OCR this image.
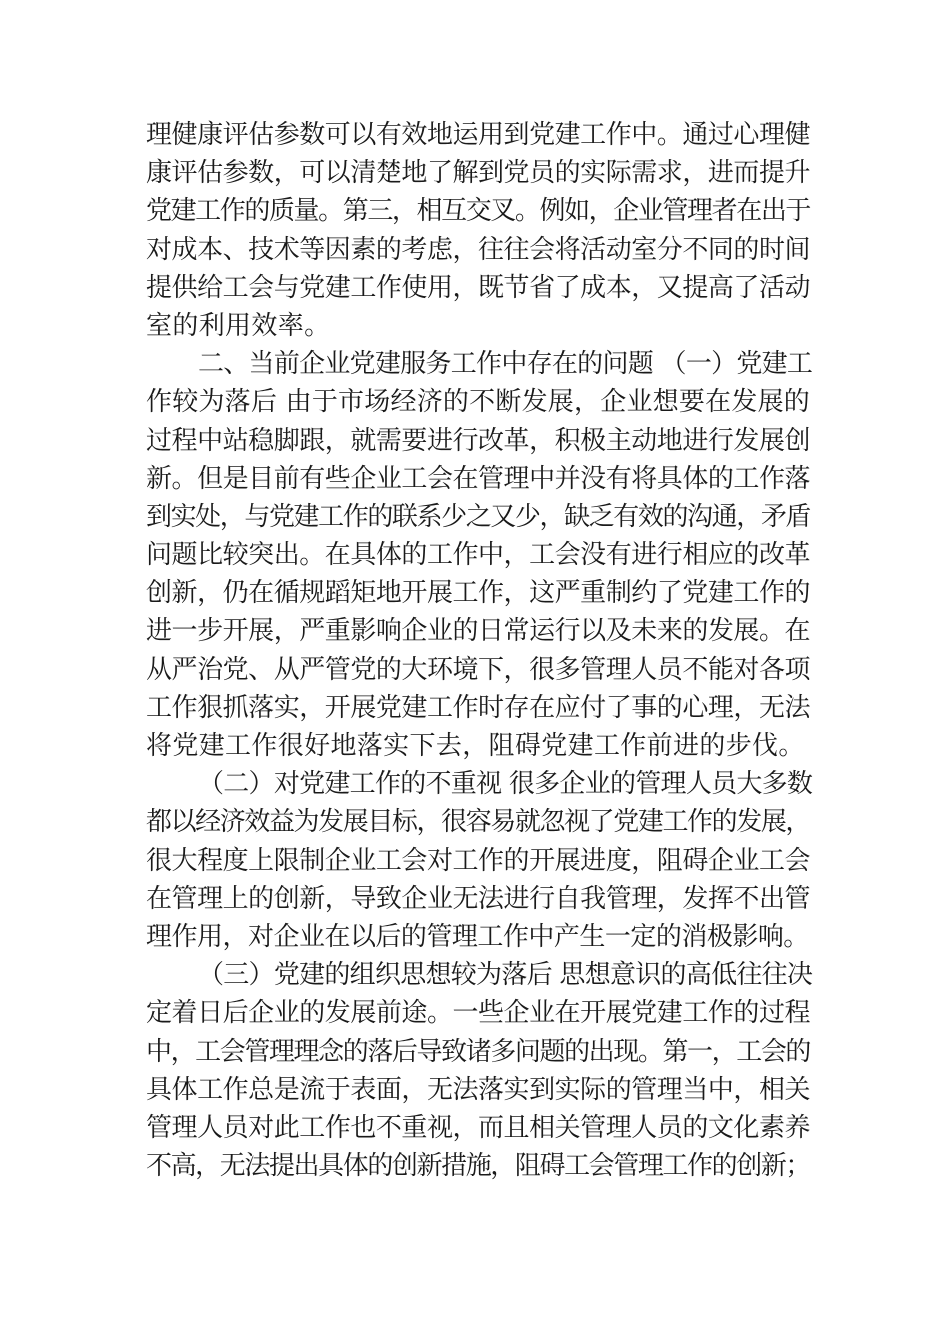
理健康评估参数可以有效地运用到党建工作中。通过心理健
康评估参数，可以清楚地了解到党员的实际需求，进而提升
党建工作的质量。第三，相互交叉。例如，企业管理者在出于
对成本、技术等因素的考虑，往往会将活动室分不同的时间
提供给工会与党建工作使用，既节省了成本，又提高了活动
室的利用效率。
二、当前企业党建服务工作中存在的问题 （一）党建工
作较为落后 由于市场经济的不断发展，企业想要在发展的
过程中站稳脚跟，就需要进行改革，积极主动地进行发展创
新。但是目前有些企业工会在管理中并没有将具体的工作落
到实处，与党建工作的联系少之又少，缺乏有效的沟通，矛盾
问题比较突出。在具体的工作中，工会没有进行相应的改革
创新，仍在循规蹈矩地开展工作，这严重制约了党建工作的
进一步开展，严重影响企业的日常运行以及未来的发展。在
从严治党、从严管党的大环境下，很多管理人员不能对各项
工作狠抓落实，开展党建工作时存在应付了事的心理，无法
将党建工作很好地落实下去，阻碍党建工作前进的步伐。
（二）对党建工作的不重视 很多企业的管理人员大多数
都以经济效益为发展目标，很容易就忽视了党建工作的发展，
很大程度上限制企业工会对工作的开展进度，阻碍企业工会
在管理上的创新，导致企业无法进行自我管理，发挥不出管
理作用，对企业在以后的管理工作中产生一定的消极影响。
（三）党建的组织思想较为落后 思想意识的高低往往决
定着日后企业的发展前途。一些企业在开展党建工作的过程
中，工会管理理念的落后导致诸多问题的出现。第一，工会的
具体工作总是流于表面，无法落实到实际的管理当中，相关
管理人员对此工作也不重视，而且相关管理人员的文化素养
不高，无法提出具体的创新措施，阻碍工会管理工作的创新；
